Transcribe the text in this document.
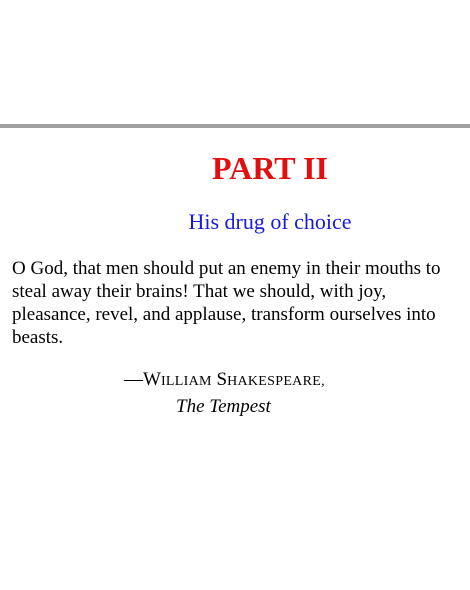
PART II
His drug of choice

O God, that men should put an enemy in their mouths to steal away their brains! That we should, with joy, pleasance, revel, and applause, transform ourselves into beasts.

—WILLIAM SHAKESPEARE,
The Tempest
